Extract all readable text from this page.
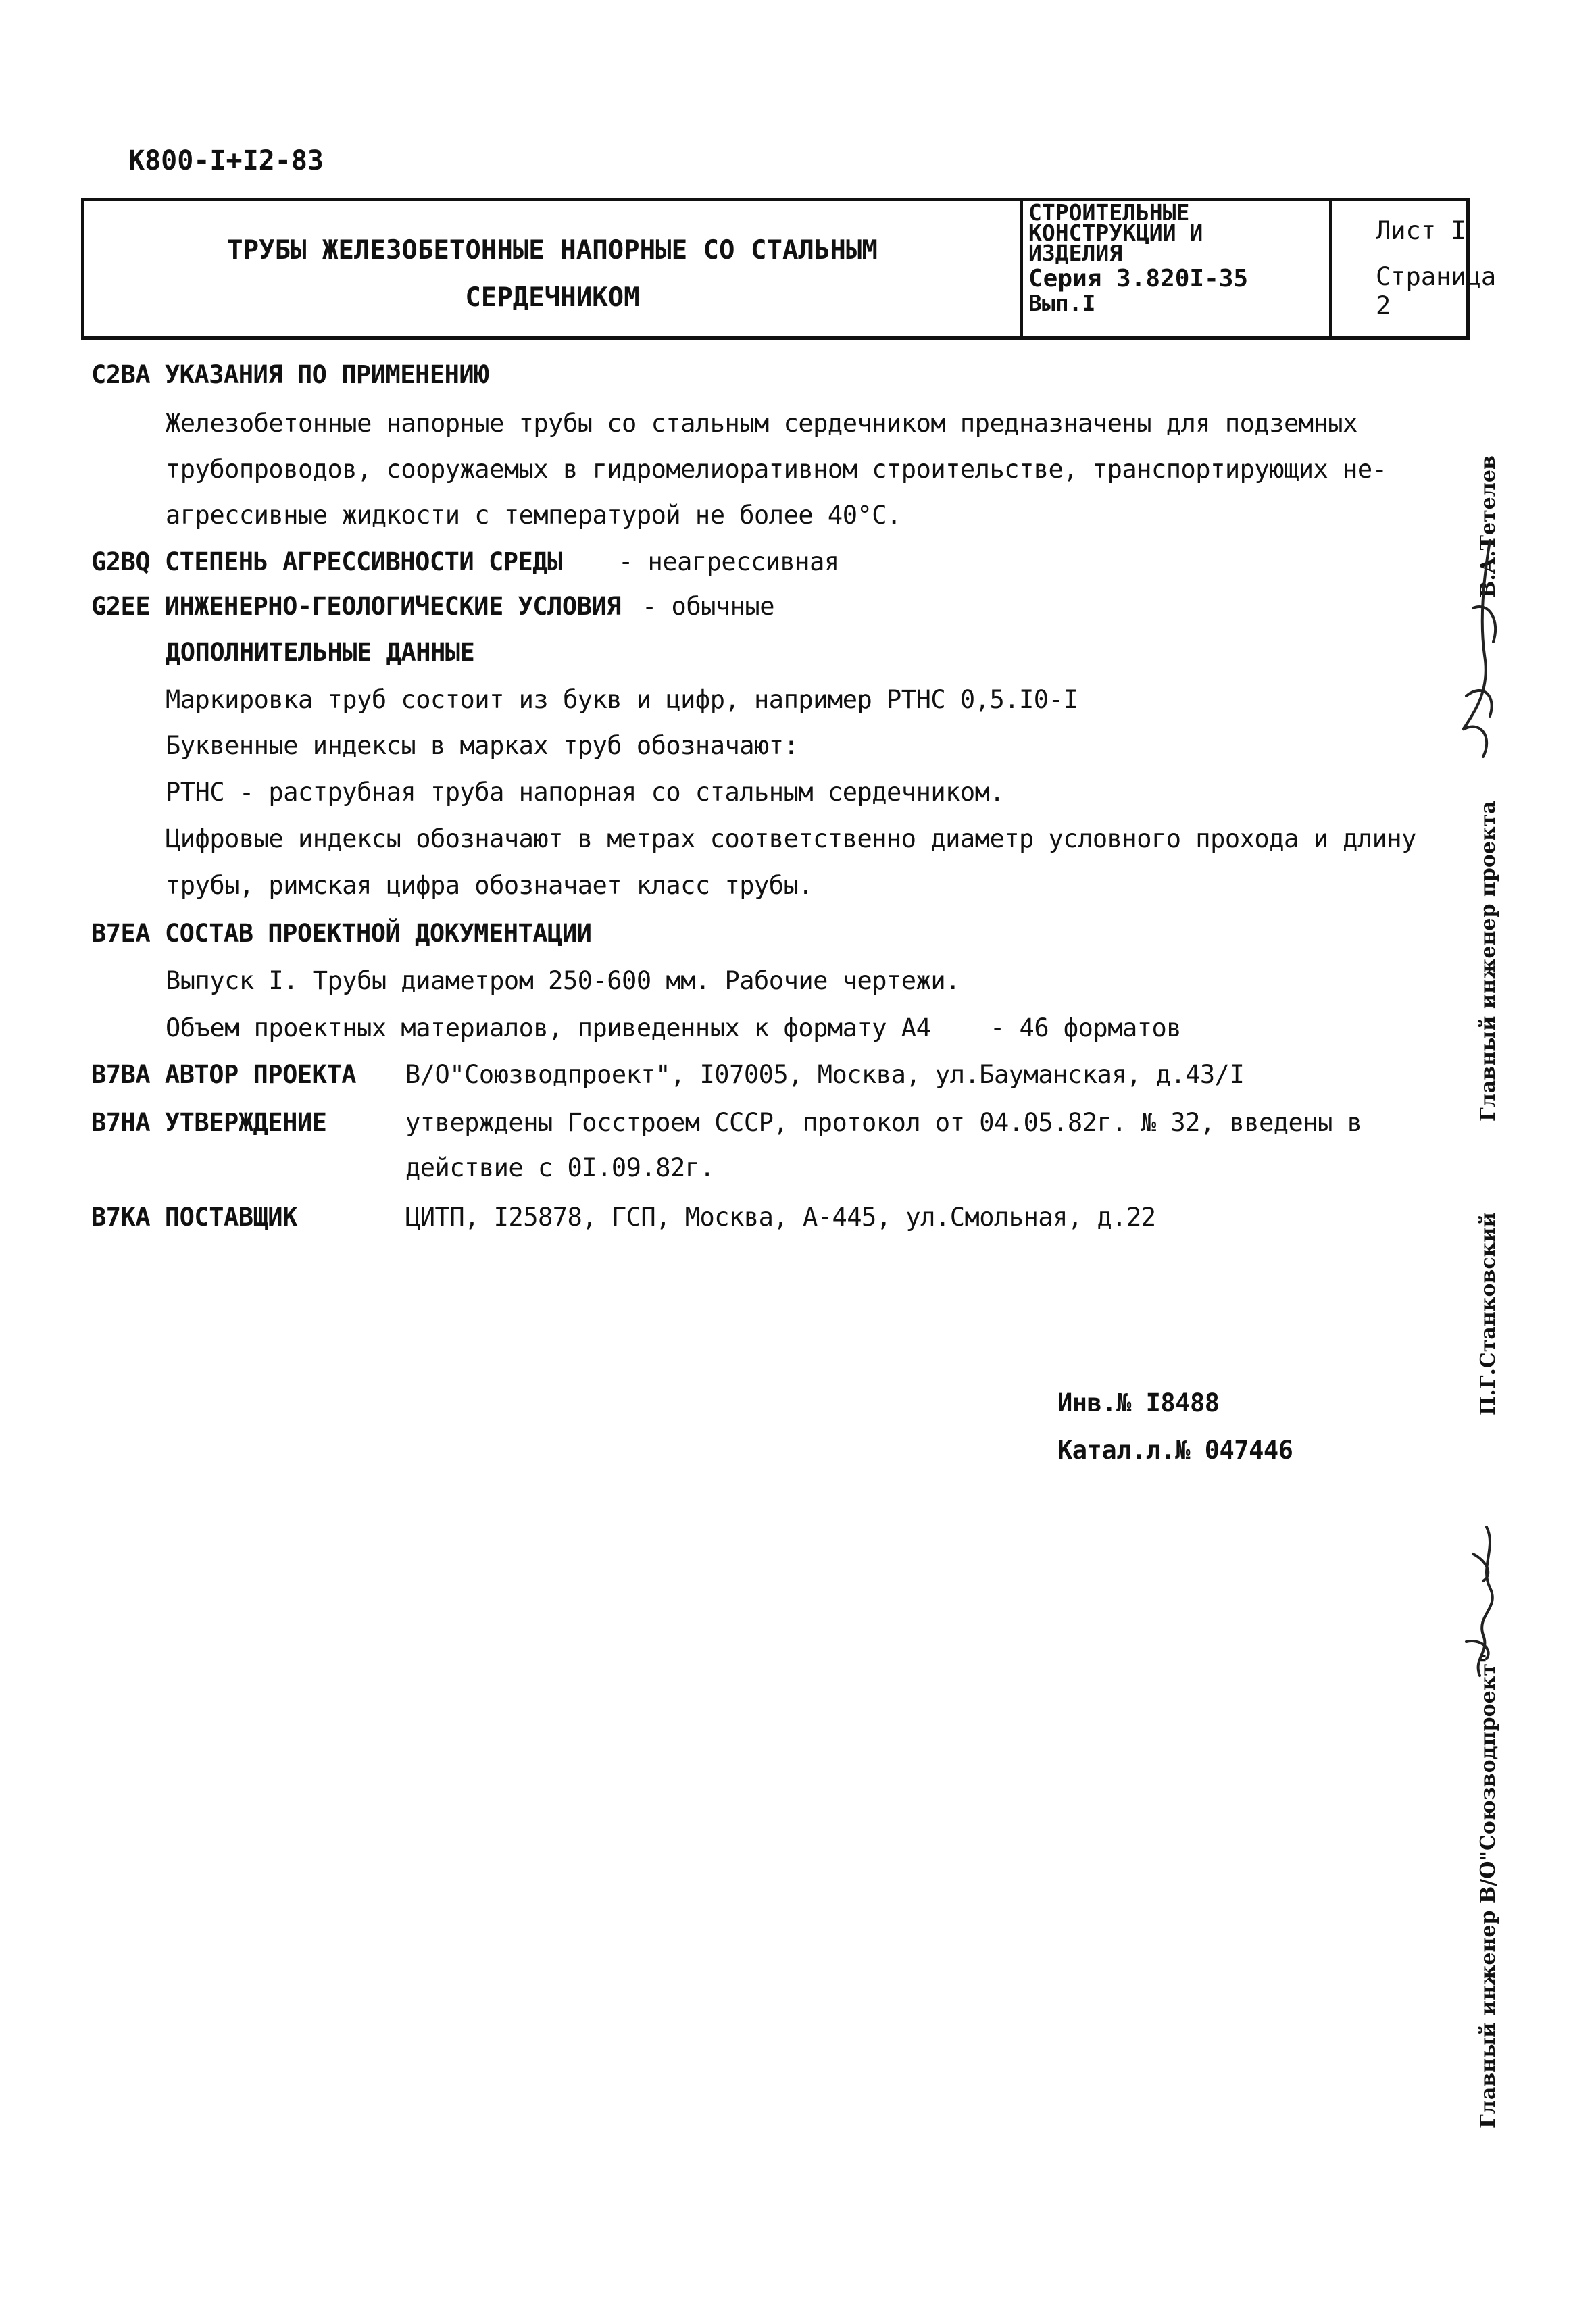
К800-I+I2-83
ТРУБЫ ЖЕЛЕЗОБЕТОННЫЕ НАПОРНЫЕ СО СТАЛЬНЫМ
СЕРДЕЧНИКОМ
СТРОИТЕЛЬНЫЕ
КОНСТРУКЦИИ И
ИЗДЕЛИЯ
Серия 3.820I-35
Вып.I
Лист I
Страница 2
С2ВА УКАЗАНИЯ ПО ПРИМЕНЕНИЮ
Железобетонные напорные трубы со стальным сердечником предназначены для подземных
трубопроводов, сооружаемых в гидромелиоративном строительстве, транспортирующих не-
агрессивные жидкости с температурой не более 40°С.
G2BQ СТЕПЕНЬ АГРЕССИВНОСТИ СРЕДЫ - неагрессивная
G2EE ИНЖЕНЕРНО-ГЕОЛОГИЧЕСКИЕ УСЛОВИЯ - обычные
ДОПОЛНИТЕЛЬНЫЕ ДАННЫЕ
Маркировка труб состоит из букв и цифр, например РТНС 0,5.I0-I
Буквенные индексы в марках труб обозначают:
РТНС - раструбная труба напорная со стальным сердечником.
Цифровые индексы обозначают в метрах соответственно диаметр условного прохода и длину
трубы, римская цифра обозначает класс трубы.
В7ЕА СОСТАВ ПРОЕКТНОЙ ДОКУМЕНТАЦИИ
Выпуск I. Трубы диаметром 250-600 мм. Рабочие чертежи.
Объем проектных материалов, приведенных к формату А4 - 46 форматов
В7ВА АВТОР ПРОЕКТА В/О"Союзводпроект", I07005, Москва, ул.Бауманская, д.43/I
В7НА УТВЕРЖДЕНИЕ	утверждены Госстроем СССР, протокол от 04.05.82г. № 32, введены в
действие с 0I.09.82г.
В7КА ПОСТАВЩИК	ЦИТП, I25878, ГСП, Москва, А-445, ул.Смольная, д.22
Инв.№ I8488
Катал.л.№ 047446
Главный инженер проекта
В.А.Тетелев
П.Г.Станковский
Главный инженер В/О"Союзводпроект"
